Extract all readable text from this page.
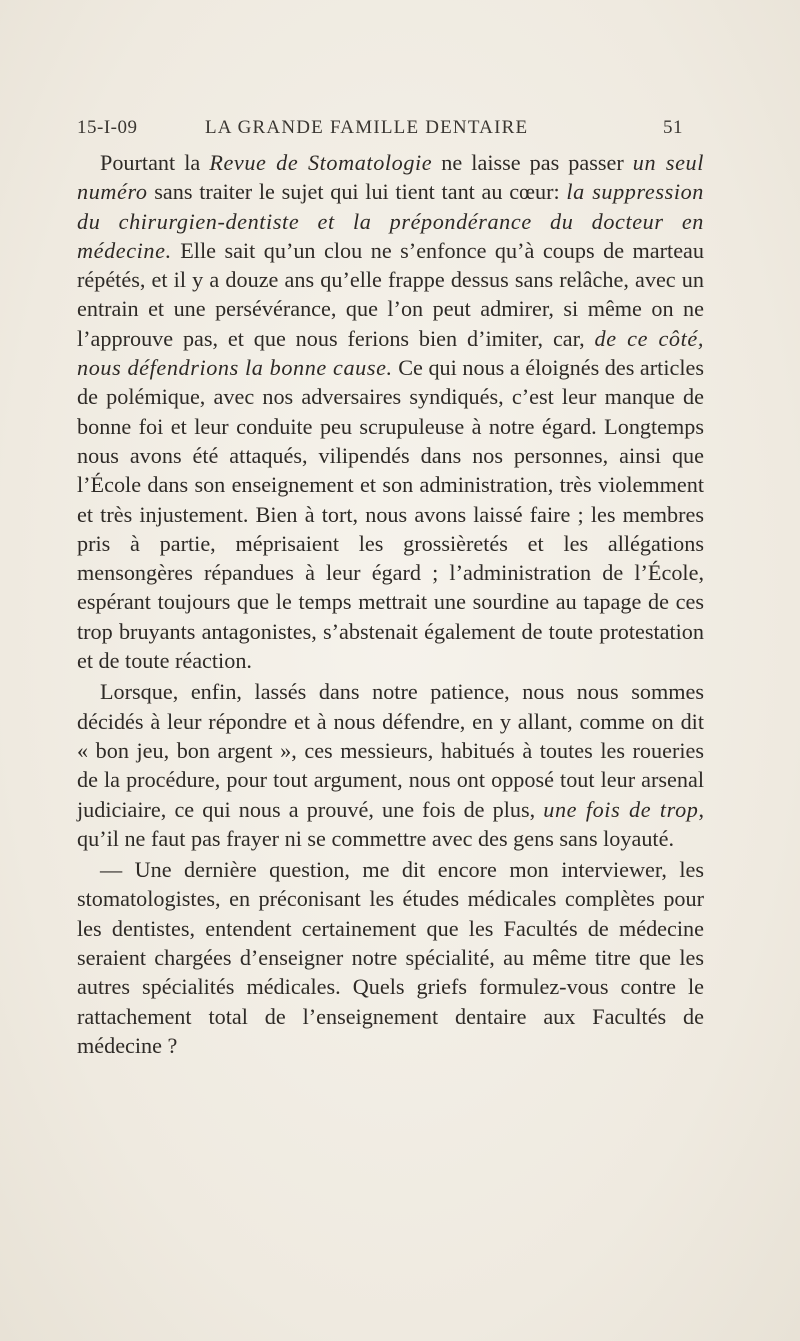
15-I-09	LA GRANDE FAMILLE DENTAIRE	51

Pourtant la Revue de Stomatologie ne laisse pas passer un seul numéro sans traiter le sujet qui lui tient tant au cœur: la suppression du chirurgien-dentiste et la prépondérance du docteur en médecine. Elle sait qu’un clou ne s’enfonce qu’à coups de marteau répétés, et il y a douze ans qu’elle frappe dessus sans relâche, avec un entrain et une persévérance, que l’on peut admirer, si même on ne l’approuve pas, et que nous ferions bien d’imiter, car, de ce côté, nous défendrions la bonne cause. Ce qui nous a éloignés des articles de polémique, avec nos adversaires syndiqués, c’est leur manque de bonne foi et leur conduite peu scrupuleuse à notre égard. Longtemps nous avons été attaqués, vilipendés dans nos personnes, ainsi que l’École dans son enseignement et son administration, très violemment et très injustement. Bien à tort, nous avons laissé faire ; les membres pris à partie, méprisaient les grossièretés et les allégations mensongères répandues à leur égard ; l’administration de l’École, espérant toujours que le temps mettrait une sourdine au tapage de ces trop bruyants antagonistes, s’abstenait également de toute protestation et de toute réaction.

Lorsque, enfin, lassés dans notre patience, nous nous sommes décidés à leur répondre et à nous défendre, en y allant, comme on dit « bon jeu, bon argent », ces messieurs, habitués à toutes les roueries de la procédure, pour tout argument, nous ont opposé tout leur arsenal judiciaire, ce qui nous a prouvé, une fois de plus, une fois de trop, qu’il ne faut pas frayer ni se commettre avec des gens sans loyauté.

— Une dernière question, me dit encore mon interviewer, les stomatologistes, en préconisant les études médicales complètes pour les dentistes, entendent certainement que les Facultés de médecine seraient chargées d’enseigner notre spécialité, au même titre que les autres spécialités médicales. Quels griefs formulez-vous contre le rattachement total de l’enseignement dentaire aux Facultés de médecine ?
